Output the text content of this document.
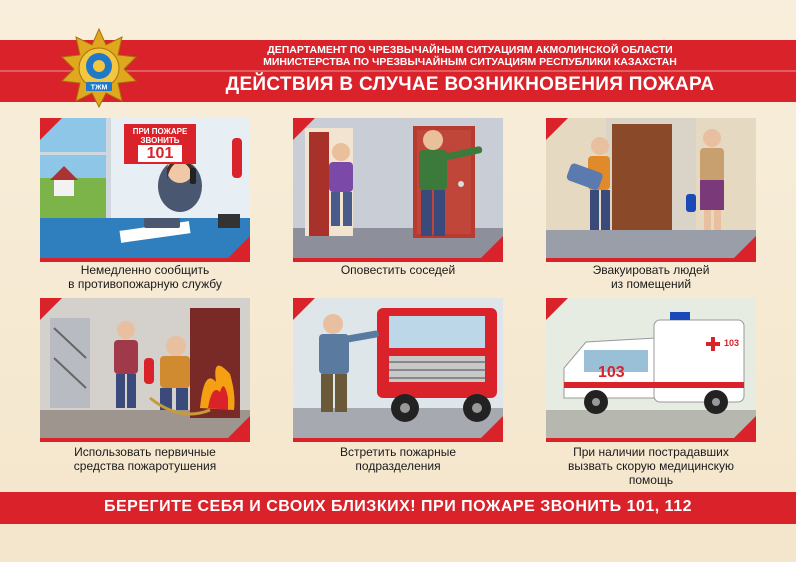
ТЖМ
ДЕПАРТАМЕНТ ПО ЧРЕЗВЫЧАЙНЫМ СИТУАЦИЯМ АКМОЛИНСКОЙ ОБЛАСТИ
МИНИСТЕРСТВА ПО ЧРЕЗВЫЧАЙНЫМ СИТУАЦИЯМ РЕСПУБЛИКИ КАЗАХСТАН
ДЕЙСТВИЯ В СЛУЧАЕ ВОЗНИКНОВЕНИЯ ПОЖАРА
ПРИ ПОЖАРЕ
ЗВОНИТЬ
101
Немедленно сообщить
в противопожарную службу
Оповестить соседей	Эвакуировать людей
из помещений
Использовать первичные
средства пожаротушения
Встретить пожарные
подразделения
103
103
При наличии пострадавших
вызвать скорую медицинскую
помощь
БЕРЕГИТЕ СЕБЯ И СВОИХ БЛИЗКИХ! ПРИ ПОЖАРЕ ЗВОНИТЬ 101, 112
